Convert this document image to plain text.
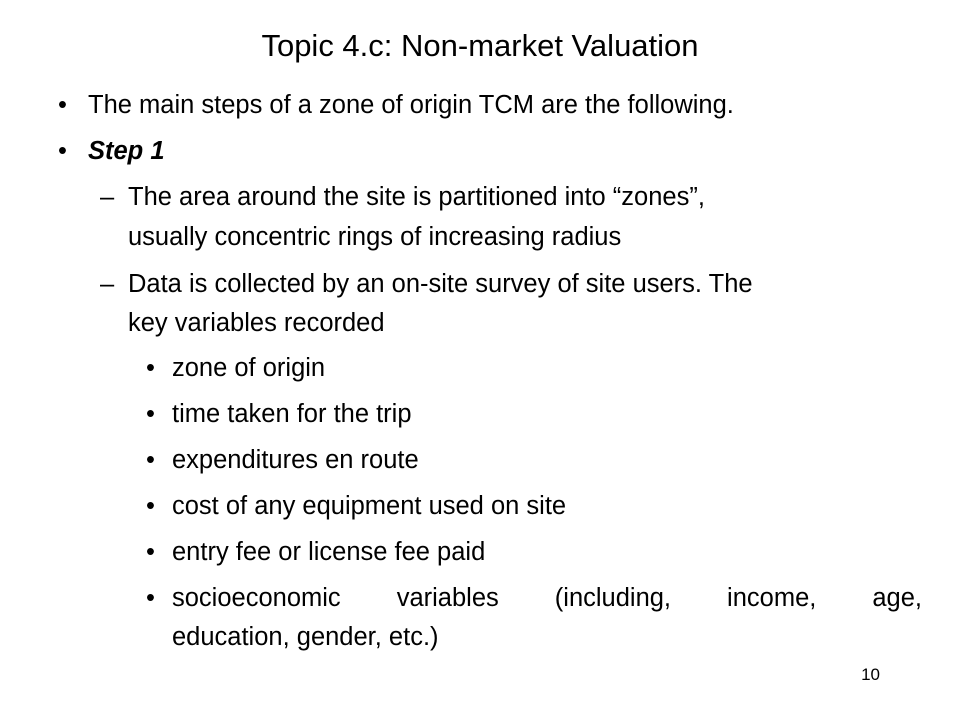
Topic 4.c: Non-market Valuation
• The main steps of a zone of origin TCM are the following.
• Step 1
– The area around the site is partitioned into “zones”,
usually concentric rings of increasing radius
– Data is collected by an on-site survey of site users. The
key variables recorded
• zone of origin
• time taken for the trip
• expenditures en route
• cost of any equipment used on site
• entry fee or license fee paid
• socioeconomic variables (including, income, age,
education, gender, etc.)
10
